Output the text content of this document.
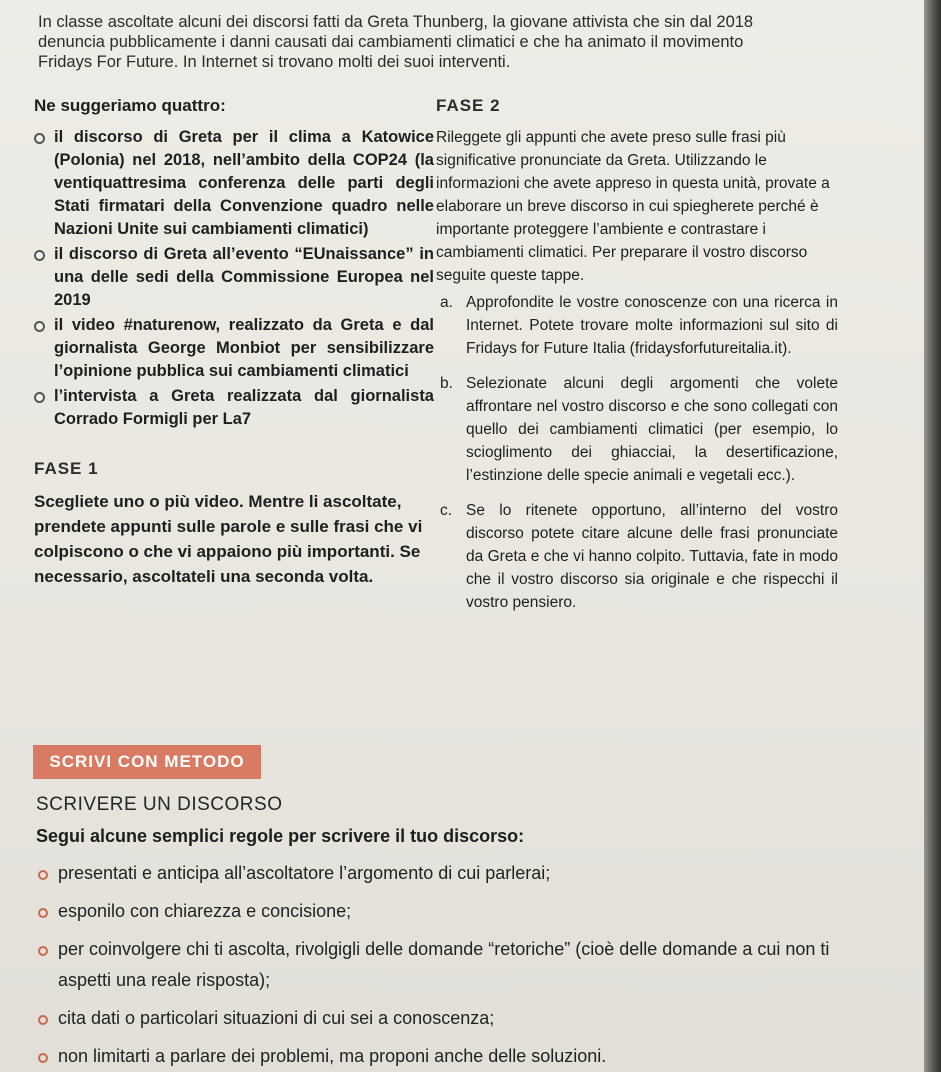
In classe ascoltate alcuni dei discorsi fatti da Greta Thunberg, la giovane attivista che sin dal 2018
denuncia pubblicamente i danni causati dai cambiamenti climatici e che ha animato il movimento
Fridays For Future. In Internet si trovano molti dei suoi interventi.

Ne suggeriamo quattro:

il discorso di Greta per il clima a Katowice (Polonia) nel 2018, nell’ambito della COP24 (la ventiquattresima conferenza delle parti degli Stati firmatari della Convenzione quadro nelle Nazioni Unite sui cambiamenti climatici)
il discorso di Greta all’evento “EUnaissance” in una delle sedi della Commissione Europea nel 2019
il video #naturenow, realizzato da Greta e dal giornalista George Monbiot per sensibilizzare l’opinione pubblica sui cambiamenti climatici
l’intervista a Greta realizzata dal giornalista Corrado Formigli per La7
FASE 1

Scegliete uno o più video. Mentre li ascoltate, prendete appunti sulle parole e sulle frasi che vi colpiscono o che vi appaiono più importanti. Se necessario, ascoltateli una seconda volta.

FASE 2

Rileggete gli appunti che avete preso sulle frasi più significative pronunciate da Greta. Utilizzando le informazioni che avete appreso in questa unità, provate a elaborare un breve discorso in cui spiegherete perché è importante proteggere l’ambiente e contrastare i cambiamenti climatici. Per preparare il vostro discorso seguite queste tappe.

a. Approfondite le vostre conoscenze con una ricerca in Internet. Potete trovare molte informazioni sul sito di Fridays for Future Italia (fridaysforfutureitalia.it).
b. Selezionate alcuni degli argomenti che volete affrontare nel vostro discorso e che sono collegati con quello dei cambiamenti climatici (per esempio, lo scioglimento dei ghiacciai, la desertificazione, l’estinzione delle specie animali e vegetali ecc.).
c. Se lo ritenete opportuno, all’interno del vostro discorso potete citare alcune delle frasi pronunciate da Greta e che vi hanno colpito. Tuttavia, fate in modo che il vostro discorso sia originale e che rispecchi il vostro pensiero.
SCRIVI CON METODO
SCRIVERE UN DISCORSO
Segui alcune semplici regole per scrivere il tuo discorso:
presentati e anticipa all’ascoltatore l’argomento di cui parlerai;
esponilo con chiarezza e concisione;
per coinvolgere chi ti ascolta, rivolgigli delle domande “retoriche” (cioè delle domande a cui non ti aspetti una reale risposta);
cita dati o particolari situazioni di cui sei a conoscenza;
non limitarti a parlare dei problemi, ma proponi anche delle soluzioni.
